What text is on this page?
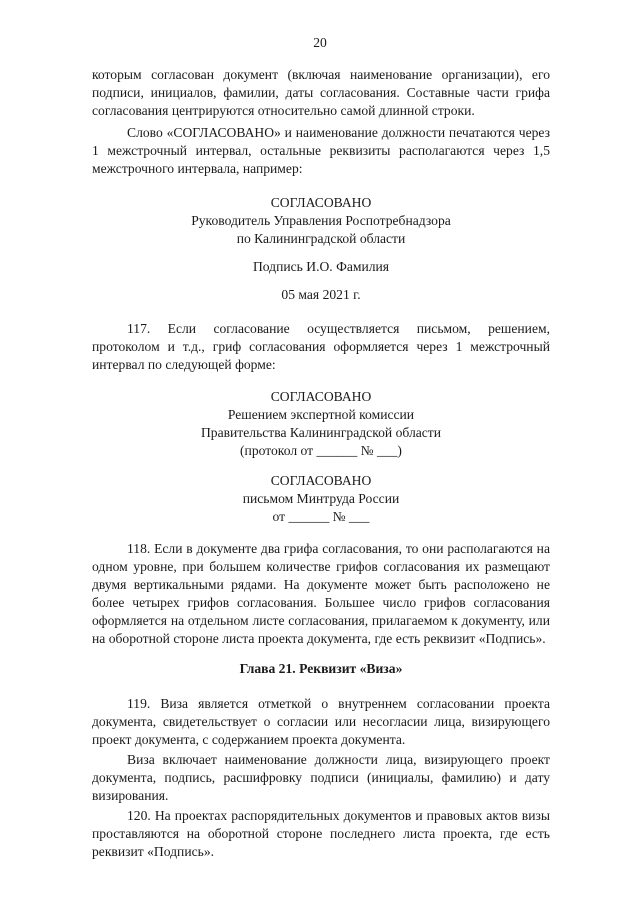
20

которым согласован документ (включая наименование организации), его подписи, инициалов, фамилии, даты согласования. Составные части грифа согласования центрируются относительно самой длинной строки.

Слово «СОГЛАСОВАНО» и наименование должности печатаются через 1 межстрочный интервал, остальные реквизиты располагаются через 1,5 межстрочного интервала, например:

СОГЛАСОВАНО
Руководитель Управления Роспотребнадзора
по Калининградской области
Подпись И.О. Фамилия
05 мая 2021 г.

117. Если согласование осуществляется письмом, решением, протоколом и т.д., гриф согласования оформляется через 1 межстрочный интервал по следующей форме:

СОГЛАСОВАНО
Решением экспертной комиссии
Правительства Калининградской области
(протокол от ______ № ___)
СОГЛАСОВАНО
письмом Минтруда России
от ______ № ___

118. Если в документе два грифа согласования, то они располагаются на одном уровне, при большем количестве грифов согласования их размещают двумя вертикальными рядами. На документе может быть расположено не более четырех грифов согласования. Большее число грифов согласования оформляется на отдельном листе согласования, прилагаемом к документу, или на оборотной стороне листа проекта документа, где есть реквизит «Подпись».

Глава 21. Реквизит «Виза»

119. Виза является отметкой о внутреннем согласовании проекта документа, свидетельствует о согласии или несогласии лица, визирующего проект документа, с содержанием проекта документа.

Виза включает наименование должности лица, визирующего проект документа, подпись, расшифровку подписи (инициалы, фамилию) и дату визирования.

120. На проектах распорядительных документов и правовых актов визы проставляются на оборотной стороне последнего листа проекта, где есть реквизит «Подпись».
